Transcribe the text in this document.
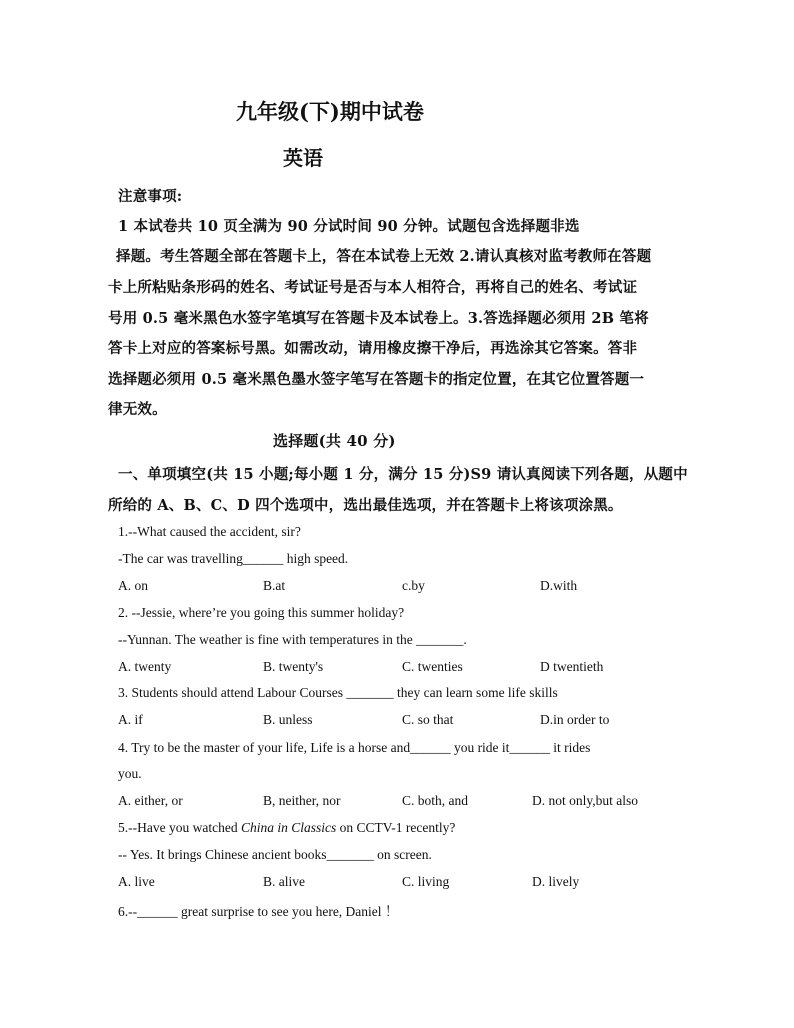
九年级(下)期中试卷
英语
注意事项:
1 本试卷共 10 页全满为 90 分试时间 90 分钟。试题包含选择题非选
择题。考生答题全部在答题卡上，答在本试卷上无效 2.请认真核对监考教师在答题
卡上所粘贴条形码的姓名、考试证号是否与本人相符合，再将自己的姓名、考试证
号用 0.5 毫米黑色水签字笔填写在答题卡及本试卷上。3.答选择题必须用 2B 笔将
答卡上对应的答案标号黑。如需改动，请用橡皮擦干净后，再选涂其它答案。答非
选择题必须用 0.5 毫米黑色墨水签字笔写在答题卡的指定位置，在其它位置答题一
律无效。
选择题(共 40 分)
一、单项填空(共 15 小题;每小题 1 分，满分 15 分)S9 请认真阅读下列各题，从题中
所给的 A、B、C、D 四个选项中，选出最佳选项，并在答题卡上将该项涂黑。
1.--What caused the accident, sir?
-The car was travelling______ high speed.
A. on	B.at	c.by	D.with
2. --Jessie, where’re you going this summer holiday?
--Yunnan. The weather is fine with temperatures in the _______.
A. twenty	B. twenty's	C. twenties	D twentieth
3. Students should attend Labour Courses _______ they can learn some life skills
A. if	B. unless	C. so that	D.in order to
4. Try to be the master of your life, Life is a horse and______ you ride it______ it rides
you.
A. either, or	B, neither, nor	C. both, and	D. not only,but also
5.--Have you watched China in Classics on CCTV-1 recently?
-- Yes. It brings Chinese ancient books_______ on screen.
A. live	B. alive	C. living	D. lively
6.--______ great surprise to see you here, Daniel ！
